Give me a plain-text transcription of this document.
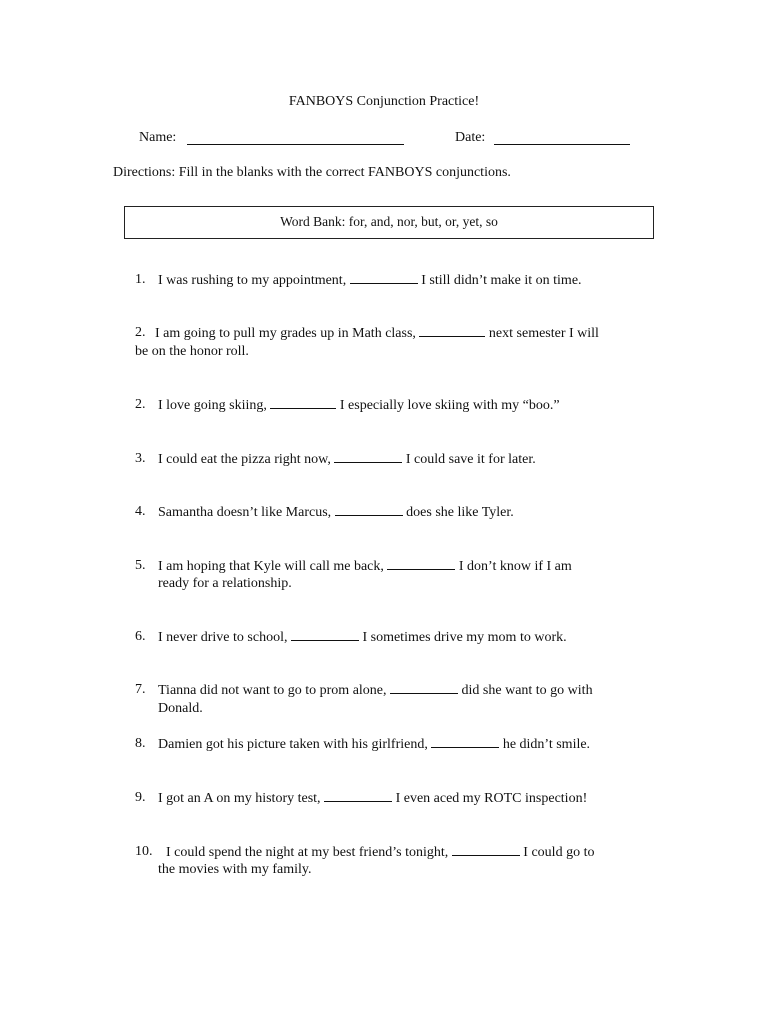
FANBOYS Conjunction Practice!
Name:	Date:
Directions: Fill in the blanks with the correct FANBOYS conjunctions.
Word Bank: for, and, nor, but, or, yet, so
1. I was rushing to my appointment,	I still didn’t make it on time.
2. I am going to pull my grades up in Math class,	next semester I will
be on the honor roll.
2. I love going skiing,	I especially love skiing with my “boo.”
3. I could eat the pizza right now,	I could save it for later.
4. Samantha doesn’t like Marcus,	does she like Tyler.
5. I am hoping that Kyle will call me back,	I don’t know if I am
ready for a relationship.
6. I never drive to school,	I sometimes drive my mom to work.
7. Tianna did not want to go to prom alone,	did she want to go with
Donald.
8. Damien got his picture taken with his girlfriend,	he didn’t smile.
9. I got an A on my history test,	I even aced my ROTC inspection!
10. I could spend the night at my best friend’s tonight,	I could go to
the movies with my family.
